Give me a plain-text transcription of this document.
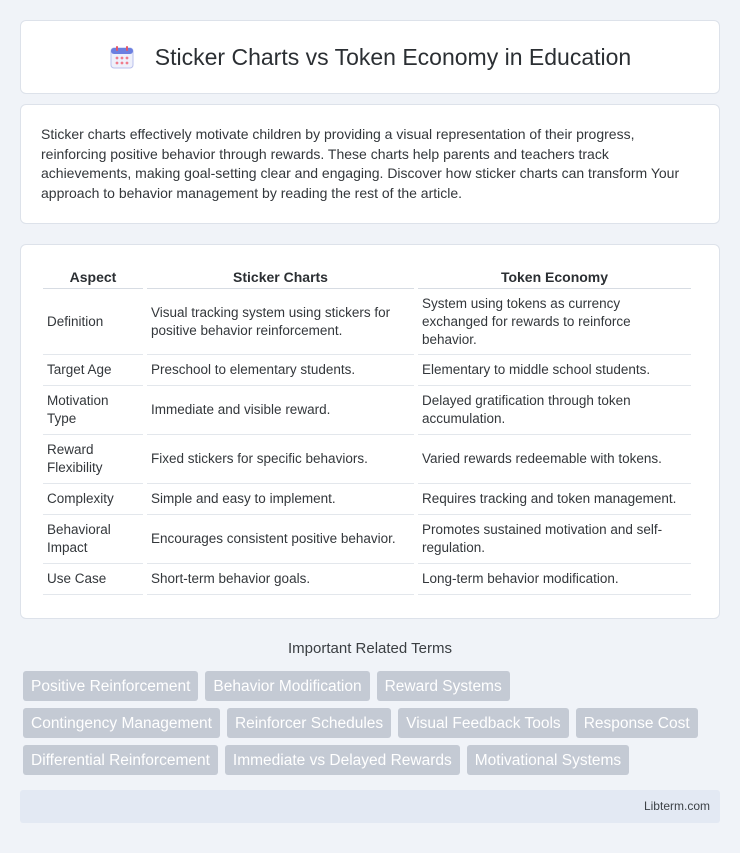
Sticker Charts vs Token Economy in Education

Sticker charts effectively motivate children by providing a visual representation of their progress, reinforcing positive behavior through rewards. These charts help parents and teachers track achievements, making goal-setting clear and engaging. Discover how sticker charts can transform Your approach to behavior management by reading the rest of the article.

Aspect	Sticker Charts	Token Economy
Definition	Visual tracking system using stickers for positive behavior reinforcement.	System using tokens as currency exchanged for rewards to reinforce behavior.
Target Age	Preschool to elementary students.	Elementary to middle school students.
Motivation Type	Immediate and visible reward.	Delayed gratification through token accumulation.
Reward Flexibility	Fixed stickers for specific behaviors.	Varied rewards redeemable with tokens.
Complexity	Simple and easy to implement.	Requires tracking and token management.
Behavioral Impact	Encourages consistent positive behavior.	Promotes sustained motivation and self-regulation.
Use Case	Short-term behavior goals.	Long-term behavior modification.
Important Related Terms
Positive Reinforcement	Behavior Modification	Reward Systems
Contingency Management	Reinforcer Schedules	Visual Feedback Tools	Response Cost
Differential Reinforcement	Immediate vs Delayed Rewards	Motivational Systems
Libterm.com
